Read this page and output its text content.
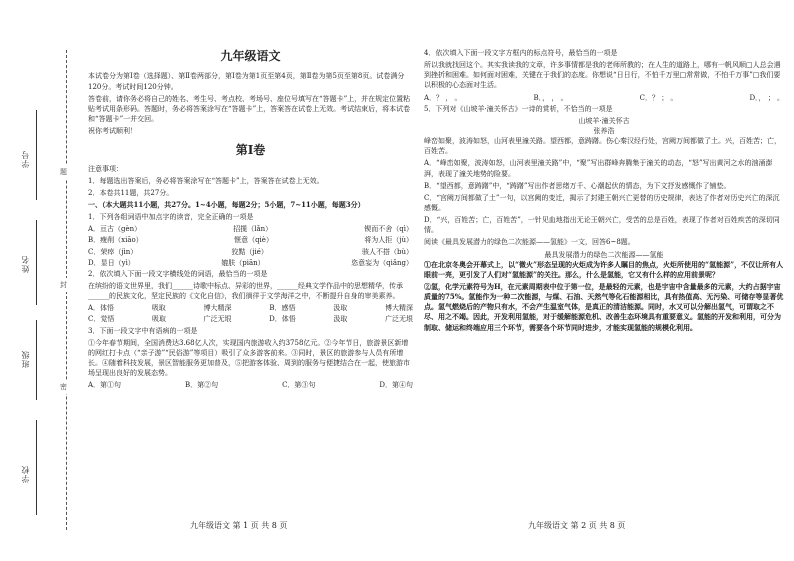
学号
姓名
班级
学校
题
封
密
九年级语文

本试卷分为第Ⅰ卷（选择题）、第Ⅱ卷两部分，第Ⅰ卷为第1页至第4页，第Ⅱ卷为第5页至第8页。试卷满分120分。考试时间120分钟。

答卷前，请你务必将自己的姓名、考生号、考点校、考场号、座位号填写在“答题卡”上，并在规定位置粘贴考试用条形码。答题时，务必将答案涂写在“答题卡”上，答案答在试卷上无效。考试结束后，将本试卷和“答题卡”一并交回。

祝你考试顺利！

第Ⅰ卷

注意事项：

1．每题选出答案后，务必将答案涂写在“答题卡”上，答案答在试卷上无效。

2．本卷共11题，共27分。

一、（本大题共11小题，共27分。1~4小题，每题2分；5小题，7~11小题，每题3分）

1．下列各组词语中加点字的读音，完全正确的一项是

A．亘古（gèn）	招揽（lǎn）	锲而不舍（qì）
B．瘦削（xiāo）	惬意（qiè）	将为人拒（jù）
C．荣瘁（jìn）	狡黠（jié）	骇人不搭（bù）
D．显日（yì）	媲肤（piān）	恣意妄为（qiǎng）

2．依次填入下面一段文字横线处的词语，最恰当的一项是

在缤纷的语文世界里，我们______诗歌中标点、异彩的世界，______经典文学作品中的思想精华，传承______的民族文化，坚定民族的《文化自信》，我们徜徉于文学海洋之中，不断提升自身的审美素养。

A．体悟	吸取	博大精深	B．感悟	汲取	博大精深
C．觉悟	吸取	广泛无垠	D．体悟	汲取	广泛无垠

3．下面一段文字中有语病的一项是

①今年春节期间，全国消费达3.68亿人次，实现国内旅游收入约3758亿元。②今年节日，旅游景区新增的网红打卡点（“亲子游”“民俗游”等项目）吸引了众多游客前来。③同时，景区的旅游参与人员有所增长。④随着科技发展，景区智能服务更加普及，⑤把游客体验、周到的服务与便捷结合在一起，使旅游市场呈现出良好的发展态势。

A．第①句	B．第②句	C．第③句	D．第④句
九年级语文 第 1 页 共 8 页

4．依次填入下面一段文字方框内的标点符号，最恰当的一项是

所以我就找回这个。其实我读我的文章，许多事情都是我的老师所教的；在人生的道路上，哪有一帆风顺□人总会遇到挫折和困难。如何面对困难，关键在于我们的态度。你想说“日日行，不怕千万里□常常做，不怕千万事”□我们要以积极的心态面对生活。

A．？ ， 。	B．， ， 。	C．？ ； 。	D．， ； 。

5．下列对《山坡羊·潼关怀古》一诗的赏析，不恰当的一项是

山坡羊·潼关怀古
张养浩

峰峦如聚，波涛如怒，山河表里潼关路。望西都，意踌躇。伤心秦汉经行处，宫阙万间都做了土。兴，百姓苦；亡，百姓苦。

A．“峰峦如聚，波涛如怒，山河表里潼关路”中，“聚”写出群峰奔腾集于潼关的动态，“怒”写出黄河之水的汹涌澎湃，表现了潼关地势的险要。

B．“望西都，意踌躇”中，“踌躇”写出作者思绪万千、心潮起伏的情态，为下文抒发感慨作了铺垫。

C．“宫阙万间都做了土”一句，以宫阙的变迁，揭示了封建王朝兴亡更替的历史规律，表达了作者对历史兴亡的深沉感慨。

D．“兴，百姓苦；亡，百姓苦”，一针见血地指出无论王朝兴亡，受苦的总是百姓，表现了作者对百姓疾苦的深切同情。

阅读《最具发展潜力的绿色二次能源——氢能》一文，回答6~8题。

最具发展潜力的绿色二次能源——氢能

①在北京冬奥会开幕式上，以“微火”形态呈现的火炬成为许多人瞩目的焦点，火炬所使用的“氢能源”，不仅让所有人眼前一亮，更引发了人们对“氢能源”的关注。那么，什么是氢能，它又有什么样的应用前景呢？

②氢，化学元素符号为H，在元素周期表中位于第一位，是最轻的元素，也是宇宙中含量最多的元素，大约占据宇宙质量的75%。氢能作为一种二次能源，与煤、石油、天然气等化石能源相比，具有热值高、无污染、可储存等显著优点。氢气燃烧后的产物只有水，不会产生温室气体，是真正的清洁能源。同时，水又可以分解出氢气，可谓取之不尽、用之不竭。因此，开发利用氢能，对于缓解能源危机、改善生态环境具有重要意义。氢能的开发和利用，可分为制取、储运和终端应用三个环节，需要各个环节同时进步，才能实现氢能的规模化利用。

九年级语文 第 2 页 共 8 页
